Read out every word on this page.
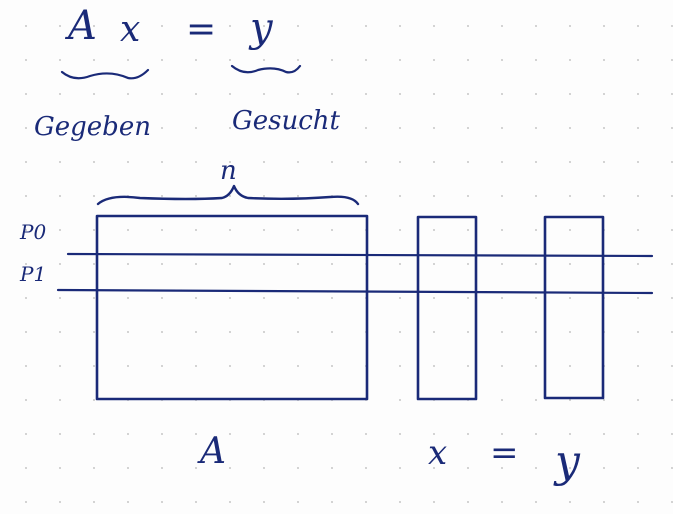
A x = y
Gegeben	Gesucht
n
P0
P1
A	x = y
